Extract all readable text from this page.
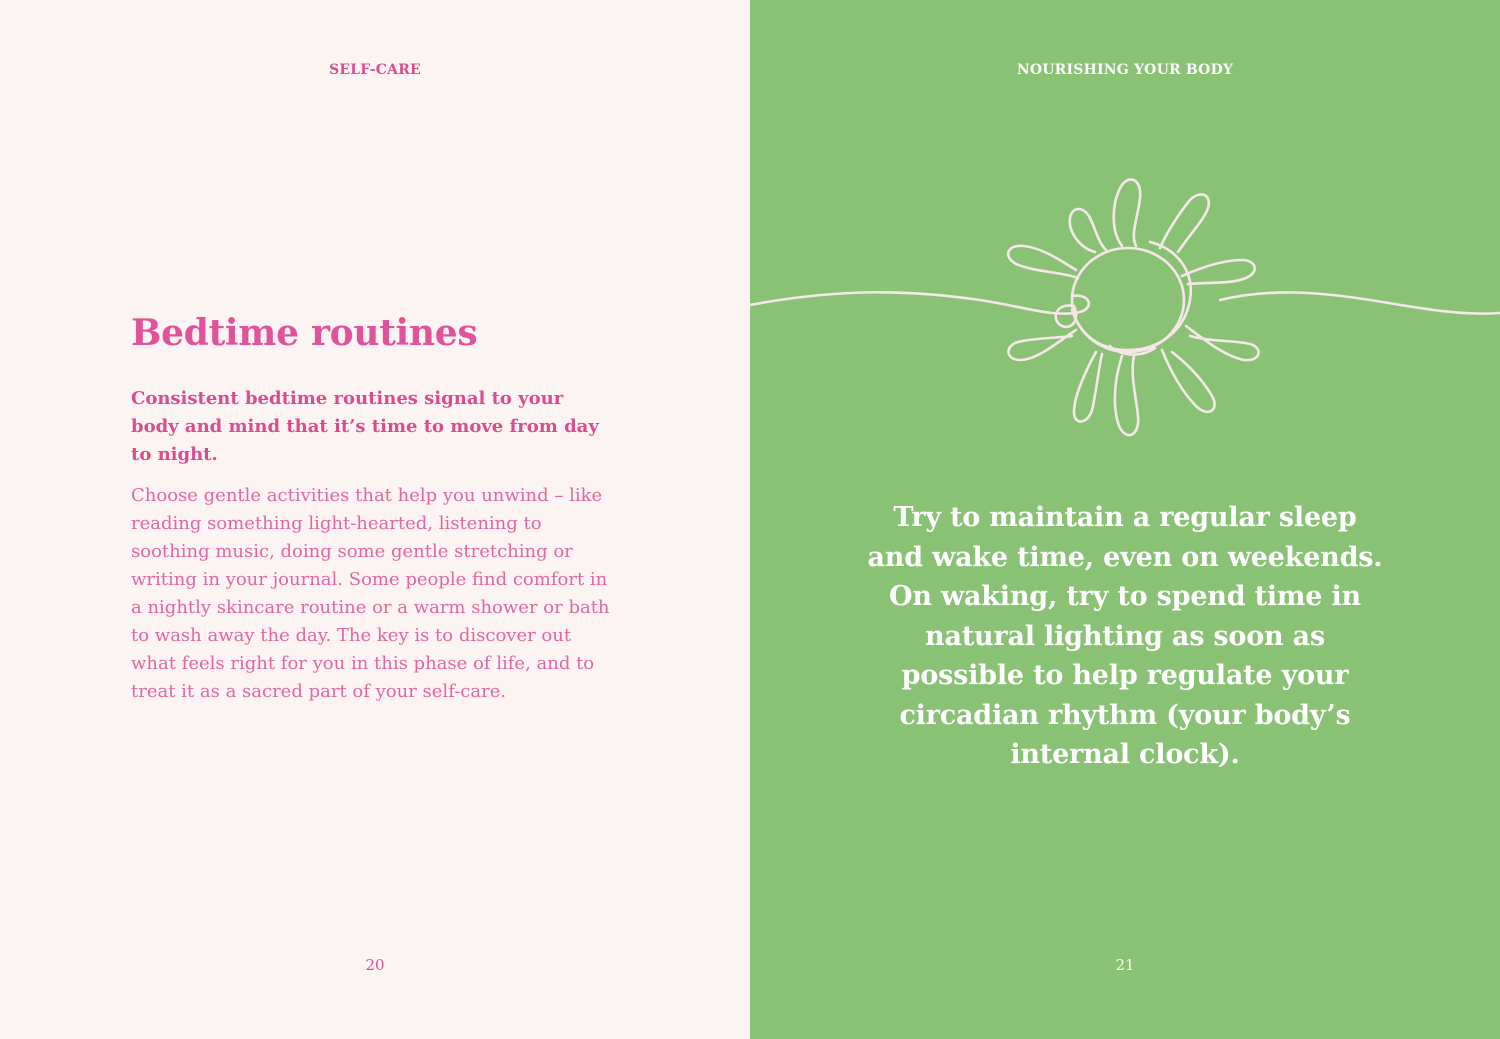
SELF-CARE
Bedtime routines

Consistent bedtime routines signal to your body and mind that it’s time to move from day to night.

Choose gentle activities that help you unwind – like reading something light-hearted, listening to soothing music, doing some gentle stretching or writing in your journal. Some people find comfort in a nightly skincare routine or a warm shower or bath to wash away the day. The key is to discover out what feels right for you in this phase of life, and to treat it as a sacred part of your self-care.

20
NOURISHING YOUR BODY

Try to maintain a regular sleep and wake time, even on weekends. On waking, try to spend time in natural lighting as soon as possible to help regulate your circadian rhythm (your body’s internal clock).

21
